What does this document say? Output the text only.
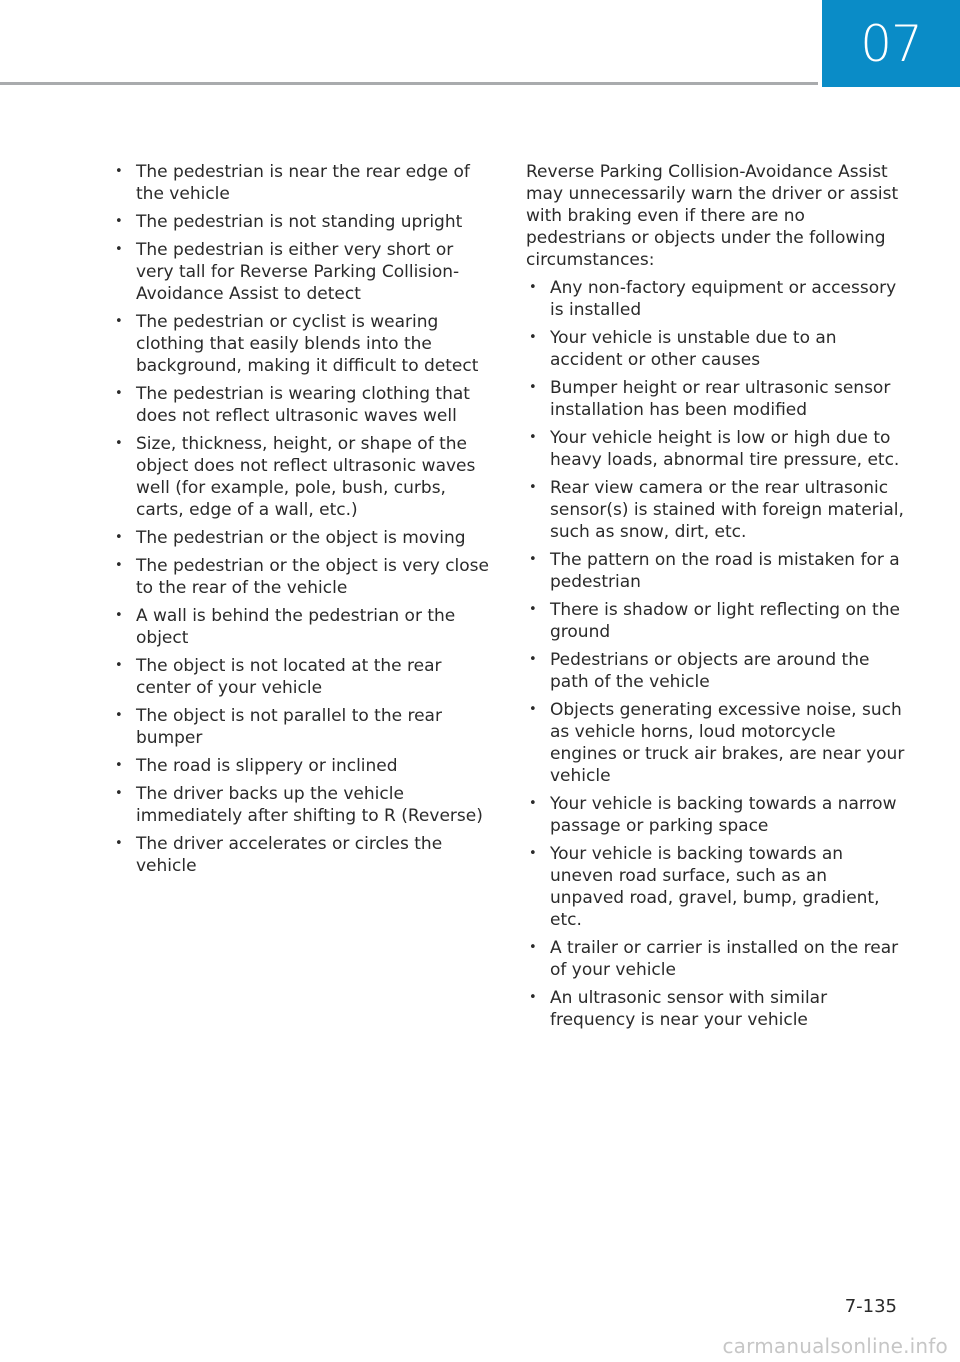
07
• The pedestrian is near the rear edge of the vehicle
• The pedestrian is not standing upright
• The pedestrian is either very short or very tall for Reverse Parking Collision-Avoidance Assist to detect
• The pedestrian or cyclist is wearing clothing that easily blends into the background, making it difficult to detect
• The pedestrian is wearing clothing that does not reflect ultrasonic waves well
• Size, thickness, height, or shape of the object does not reflect ultrasonic waves well (for example, pole, bush, curbs, carts, edge of a wall, etc.)
• The pedestrian or the object is moving
• The pedestrian or the object is very close to the rear of the vehicle
• A wall is behind the pedestrian or the object
• The object is not located at the rear center of your vehicle
• The object is not parallel to the rear bumper
• The road is slippery or inclined
• The driver backs up the vehicle immediately after shifting to R (Reverse)
• The driver accelerates or circles the vehicle

Reverse Parking Collision-Avoidance Assist may unnecessarily warn the driver or assist with braking even if there are no pedestrians or objects under the following circumstances:

• Any non-factory equipment or accessory is installed
• Your vehicle is unstable due to an accident or other causes
• Bumper height or rear ultrasonic sensor installation has been modified
• Your vehicle height is low or high due to heavy loads, abnormal tire pressure, etc.
• Rear view camera or the rear ultrasonic sensor(s) is stained with foreign material, such as snow, dirt, etc.
• The pattern on the road is mistaken for a pedestrian
• There is shadow or light reflecting on the ground
• Pedestrians or objects are around the path of the vehicle
• Objects generating excessive noise, such as vehicle horns, loud motorcycle engines or truck air brakes, are near your vehicle
• Your vehicle is backing towards a narrow passage or parking space
• Your vehicle is backing towards an uneven road surface, such as an unpaved road, gravel, bump, gradient, etc.
• A trailer or carrier is installed on the rear of your vehicle
• An ultrasonic sensor with similar frequency is near your vehicle
7-135
carmanualsonline.info
